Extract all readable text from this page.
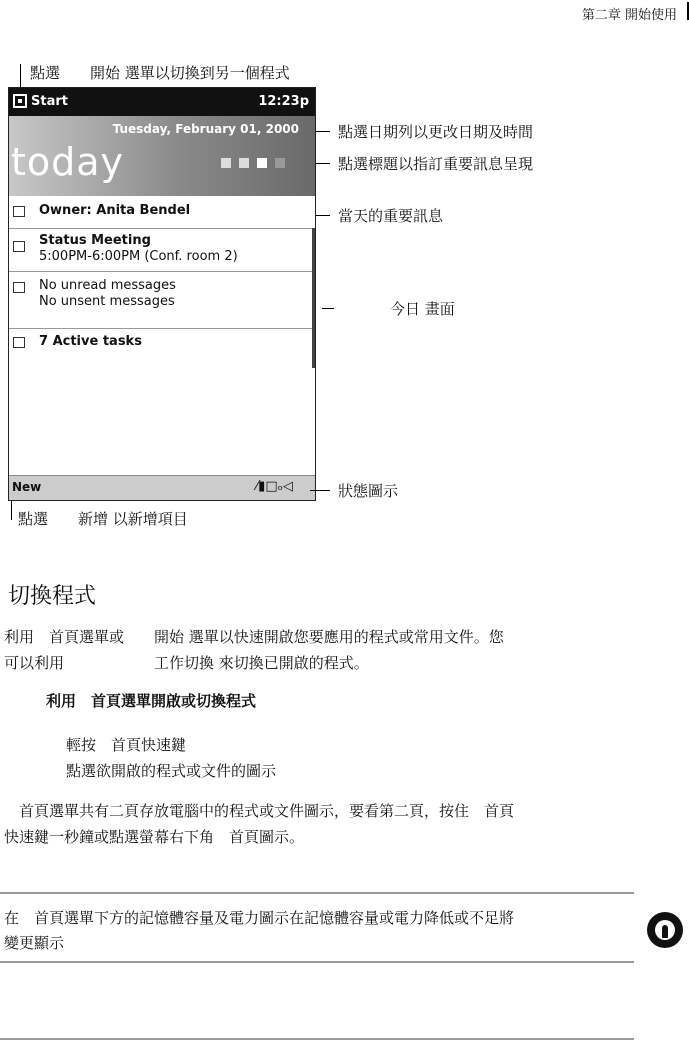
第二章 開始使用
點選　　開始 選單以切換到另一個程式
Start	12:23p
Tuesday, February 01, 2000
today
Owner: Anita Bendel
Status Meeting
5:00PM-6:00PM (Conf. room 2)
No unread messages
No unsent messages
7 Active tasks
New	⁄▮□ₒ◁
點選日期列以更改日期及時間
點選標題以指訂重要訊息呈現
當天的重要訊息
今日 畫面
狀態圖示
點選　　新增 以新增項目
切換程式
利用　首頁選單或　　開始 選單以快速開啟您要應用的程式或常用文件。您
可以利用　　　　　　工作切換 來切換已開啟的程式。
利用　首頁選單開啟或切換程式
輕按　首頁快速鍵
點選欲開啟的程式或文件的圖示
　首頁選單共有二頁存放電腦中的程式或文件圖示，要看第二頁，按住　首頁
快速鍵一秒鐘或點選螢幕右下角　首頁圖示。
在　首頁選單下方的記憶體容量及電力圖示在記憶體容量或電力降低或不足將
變更顯示
